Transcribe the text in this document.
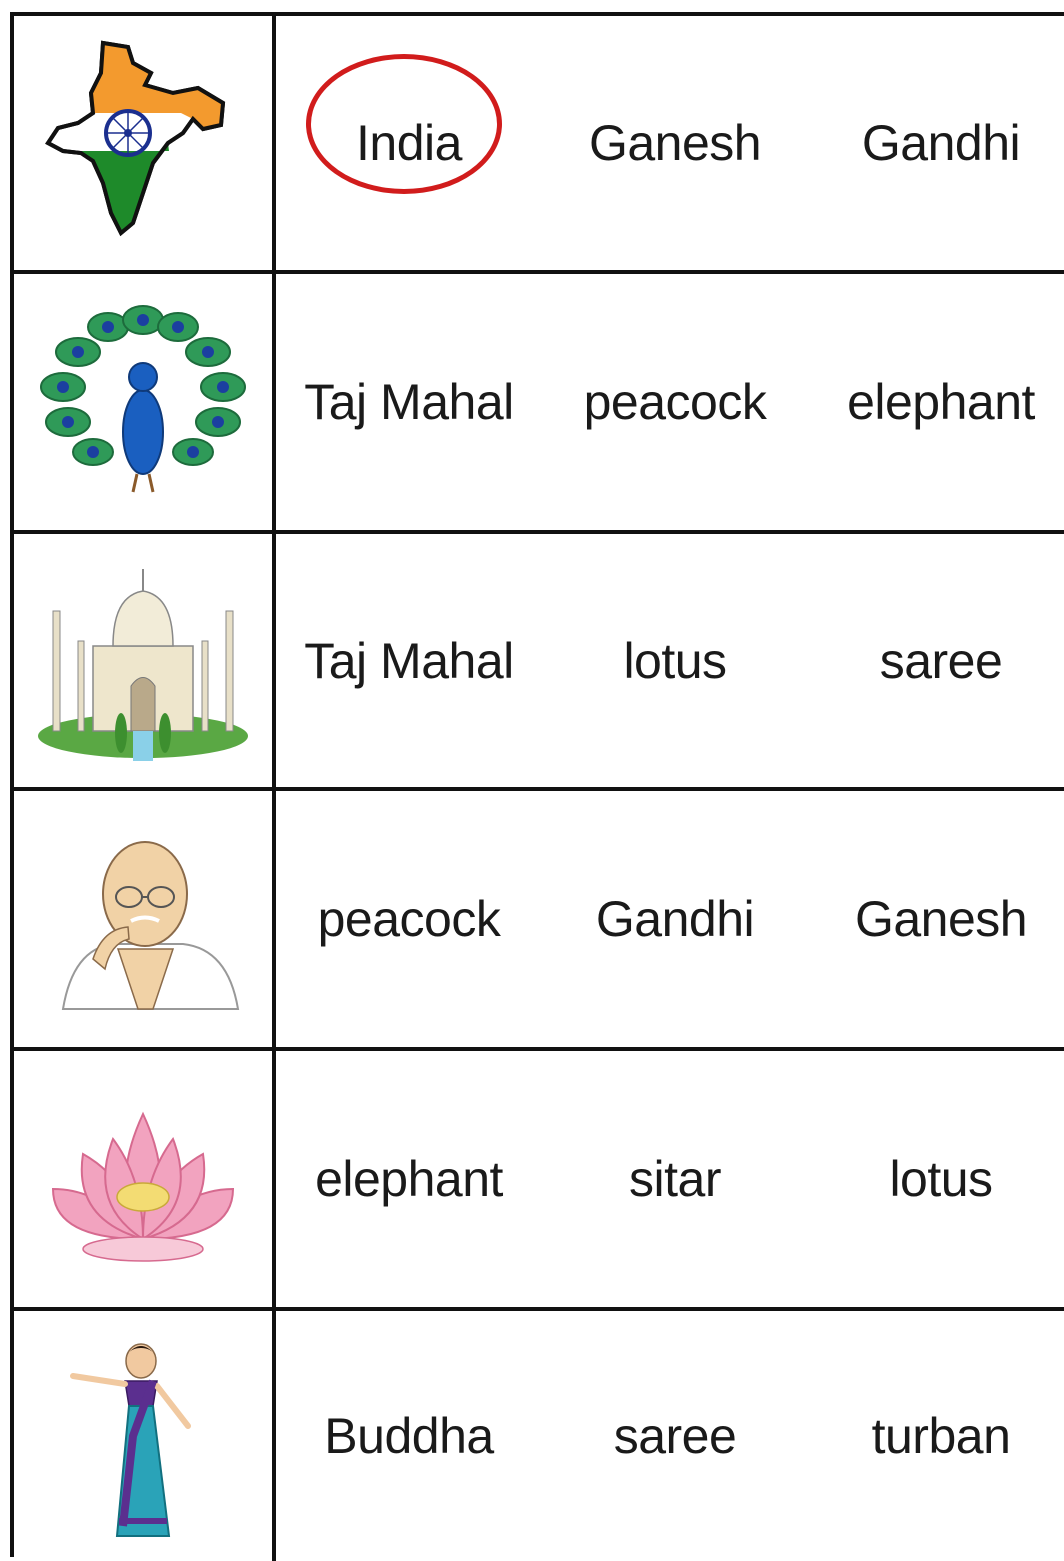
India	Ganesh	Gandhi
Taj Mahal	peacock	elephant
Taj Mahal	lotus	saree
peacock	Gandhi	Ganesh
elephant	sitar	lotus
Buddha	saree	turban
